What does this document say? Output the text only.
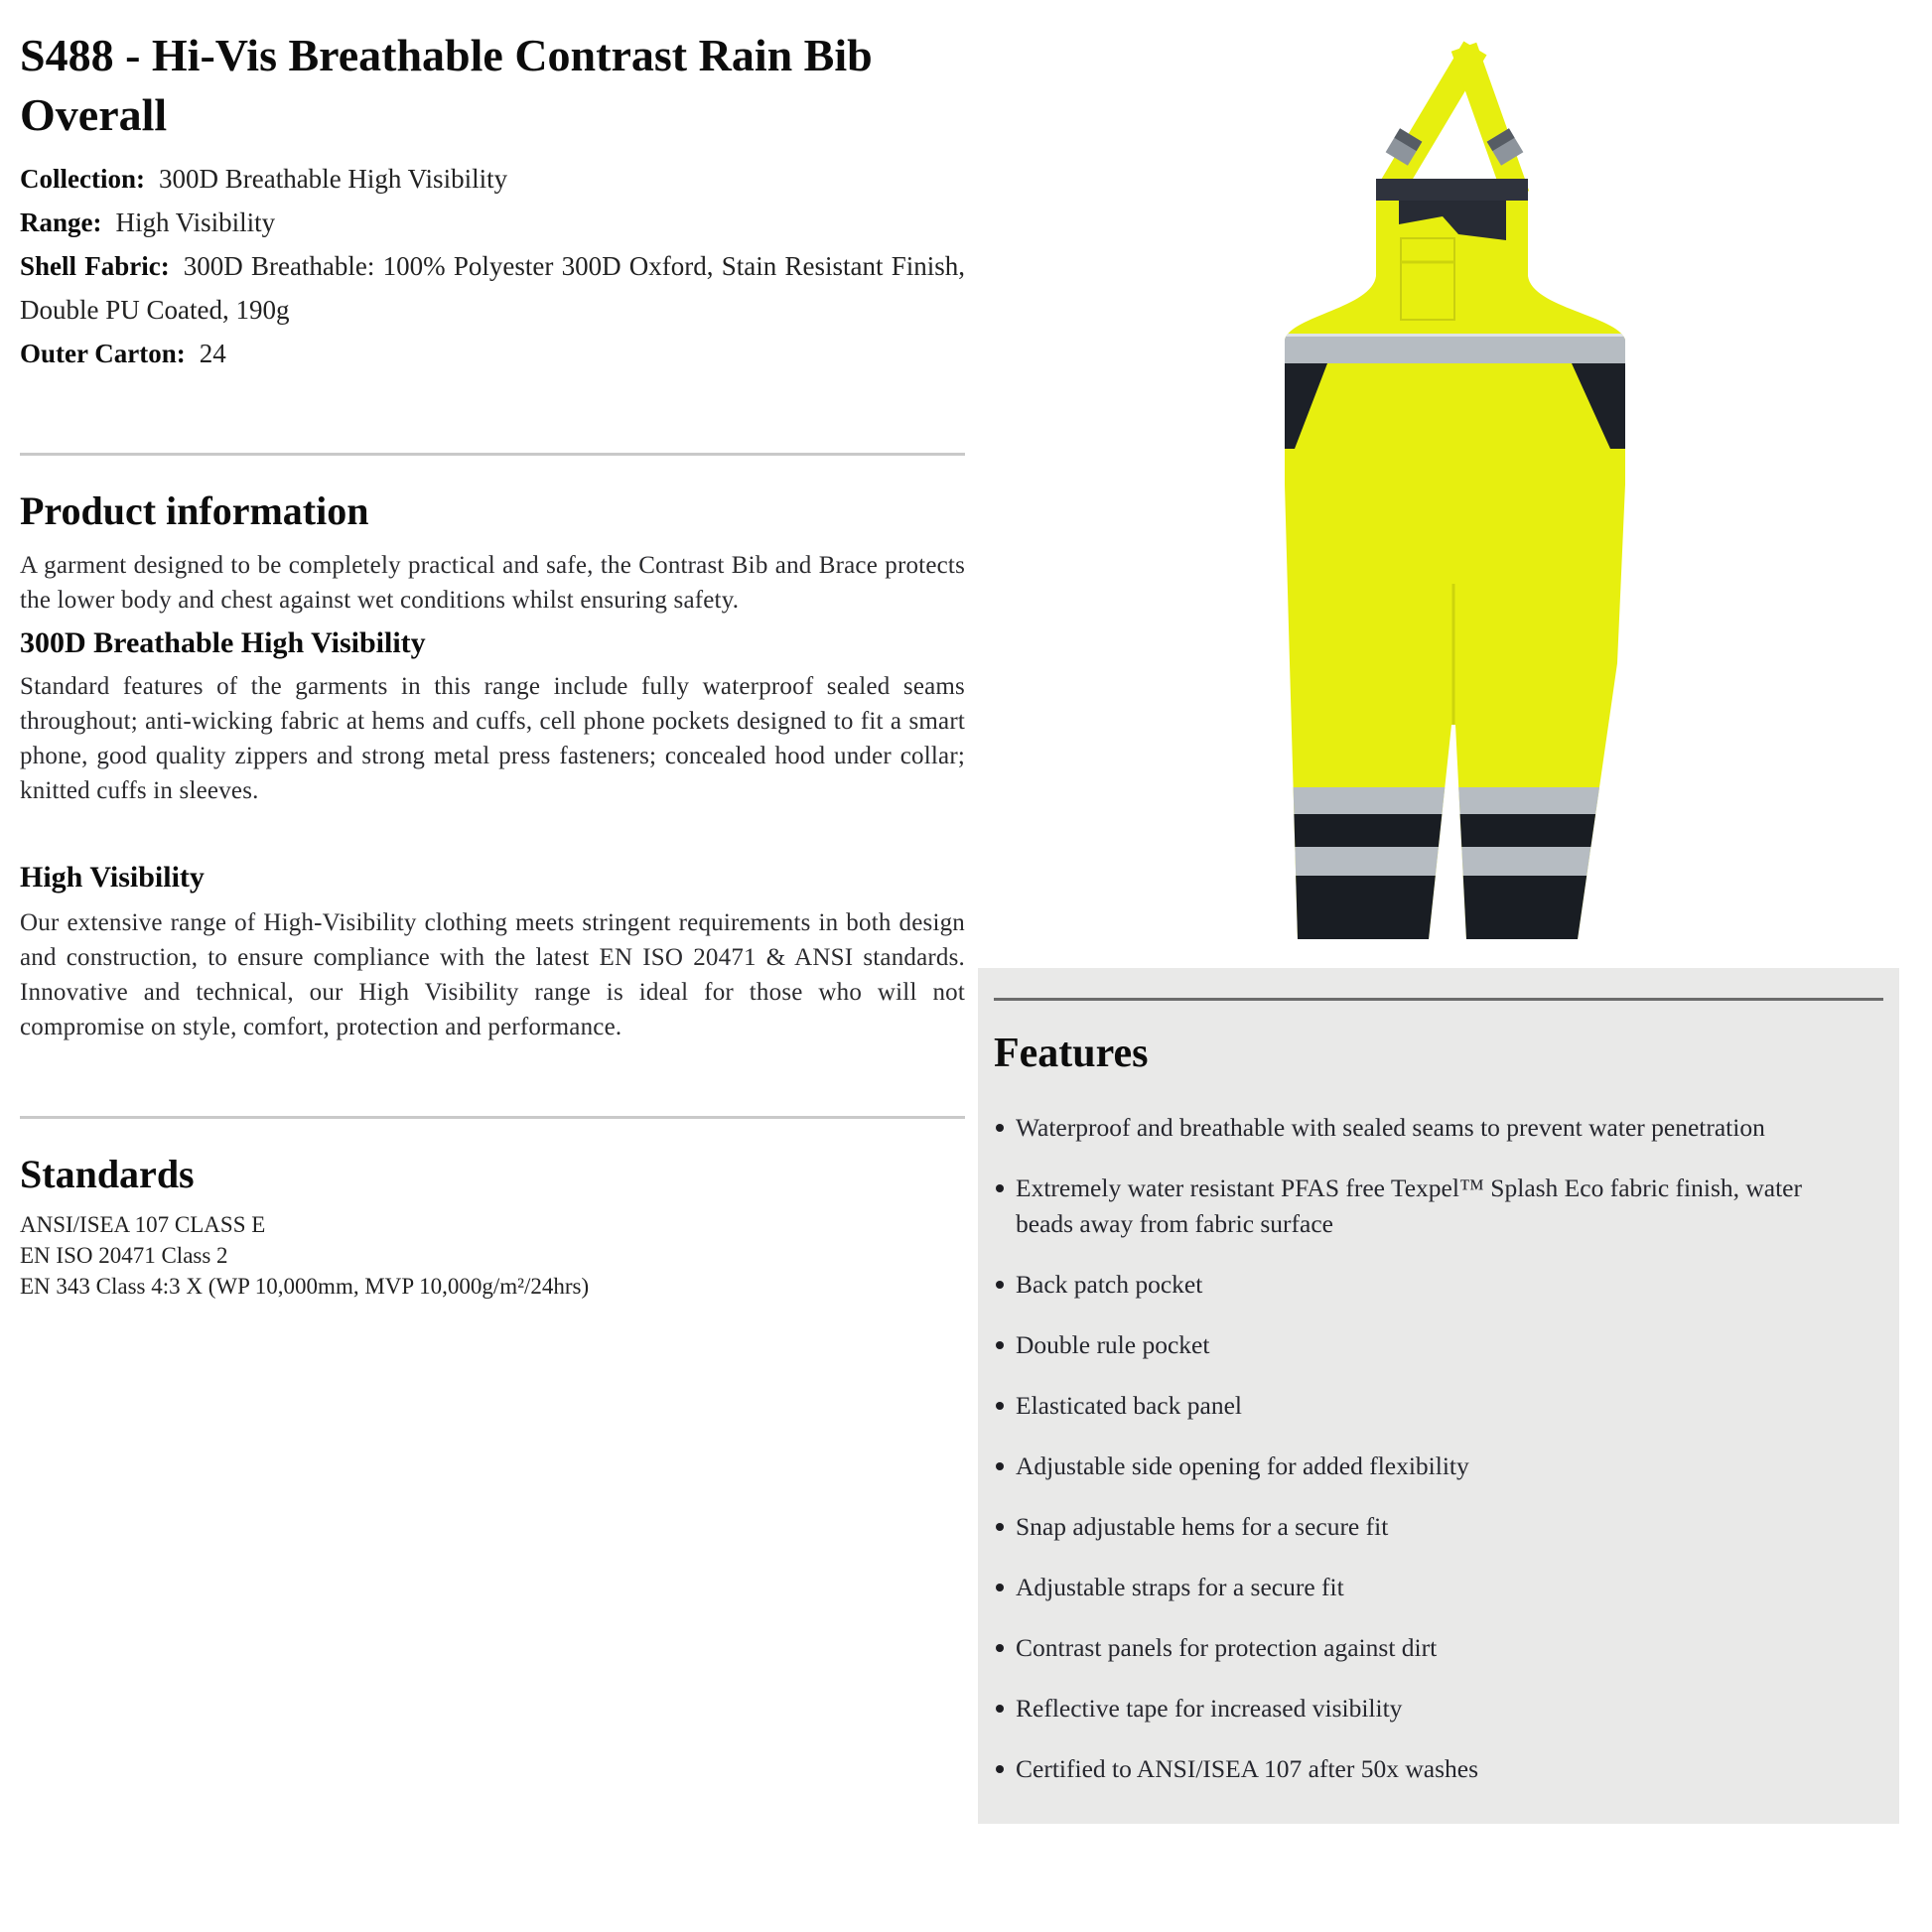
S488 - Hi-Vis Breathable Contrast Rain Bib Overall

Collection: 300D Breathable High Visibility

Range: High Visibility

Shell Fabric: 300D Breathable: 100% Polyester 300D Oxford, Stain Resistant Finish, Double PU Coated, 190g

Outer Carton: 24

Product information

A garment designed to be completely practical and safe, the Contrast Bib and Brace protects the lower body and chest against wet conditions whilst ensuring safety.

300D Breathable High Visibility

Standard features of the garments in this range include fully waterproof sealed seams throughout; anti-wicking fabric at hems and cuffs, cell phone pockets designed to fit a smart phone, good quality zippers and strong metal press fasteners; concealed hood under collar; knitted cuffs in sleeves.

High Visibility

Our extensive range of High-Visibility clothing meets stringent requirements in both design and construction, to ensure compliance with the latest EN ISO 20471 & ANSI standards. Innovative and technical, our High Visibility range is ideal for those who will not compromise on style, comfort, protection and performance.

Standards
ANSI/ISEA 107 CLASS E
EN ISO 20471 Class 2
EN 343 Class 4:3 X (WP 10,000mm, MVP 10,000g/m²/24hrs)
Features
Waterproof and breathable with sealed seams to prevent water penetration
Extremely water resistant PFAS free Texpel™ Splash Eco fabric finish, water beads away from fabric surface
Back patch pocket
Double rule pocket
Elasticated back panel
Adjustable side opening for added flexibility
Snap adjustable hems for a secure fit
Adjustable straps for a secure fit
Contrast panels for protection against dirt
Reflective tape for increased visibility
Certified to ANSI/ISEA 107 after 50x washes
